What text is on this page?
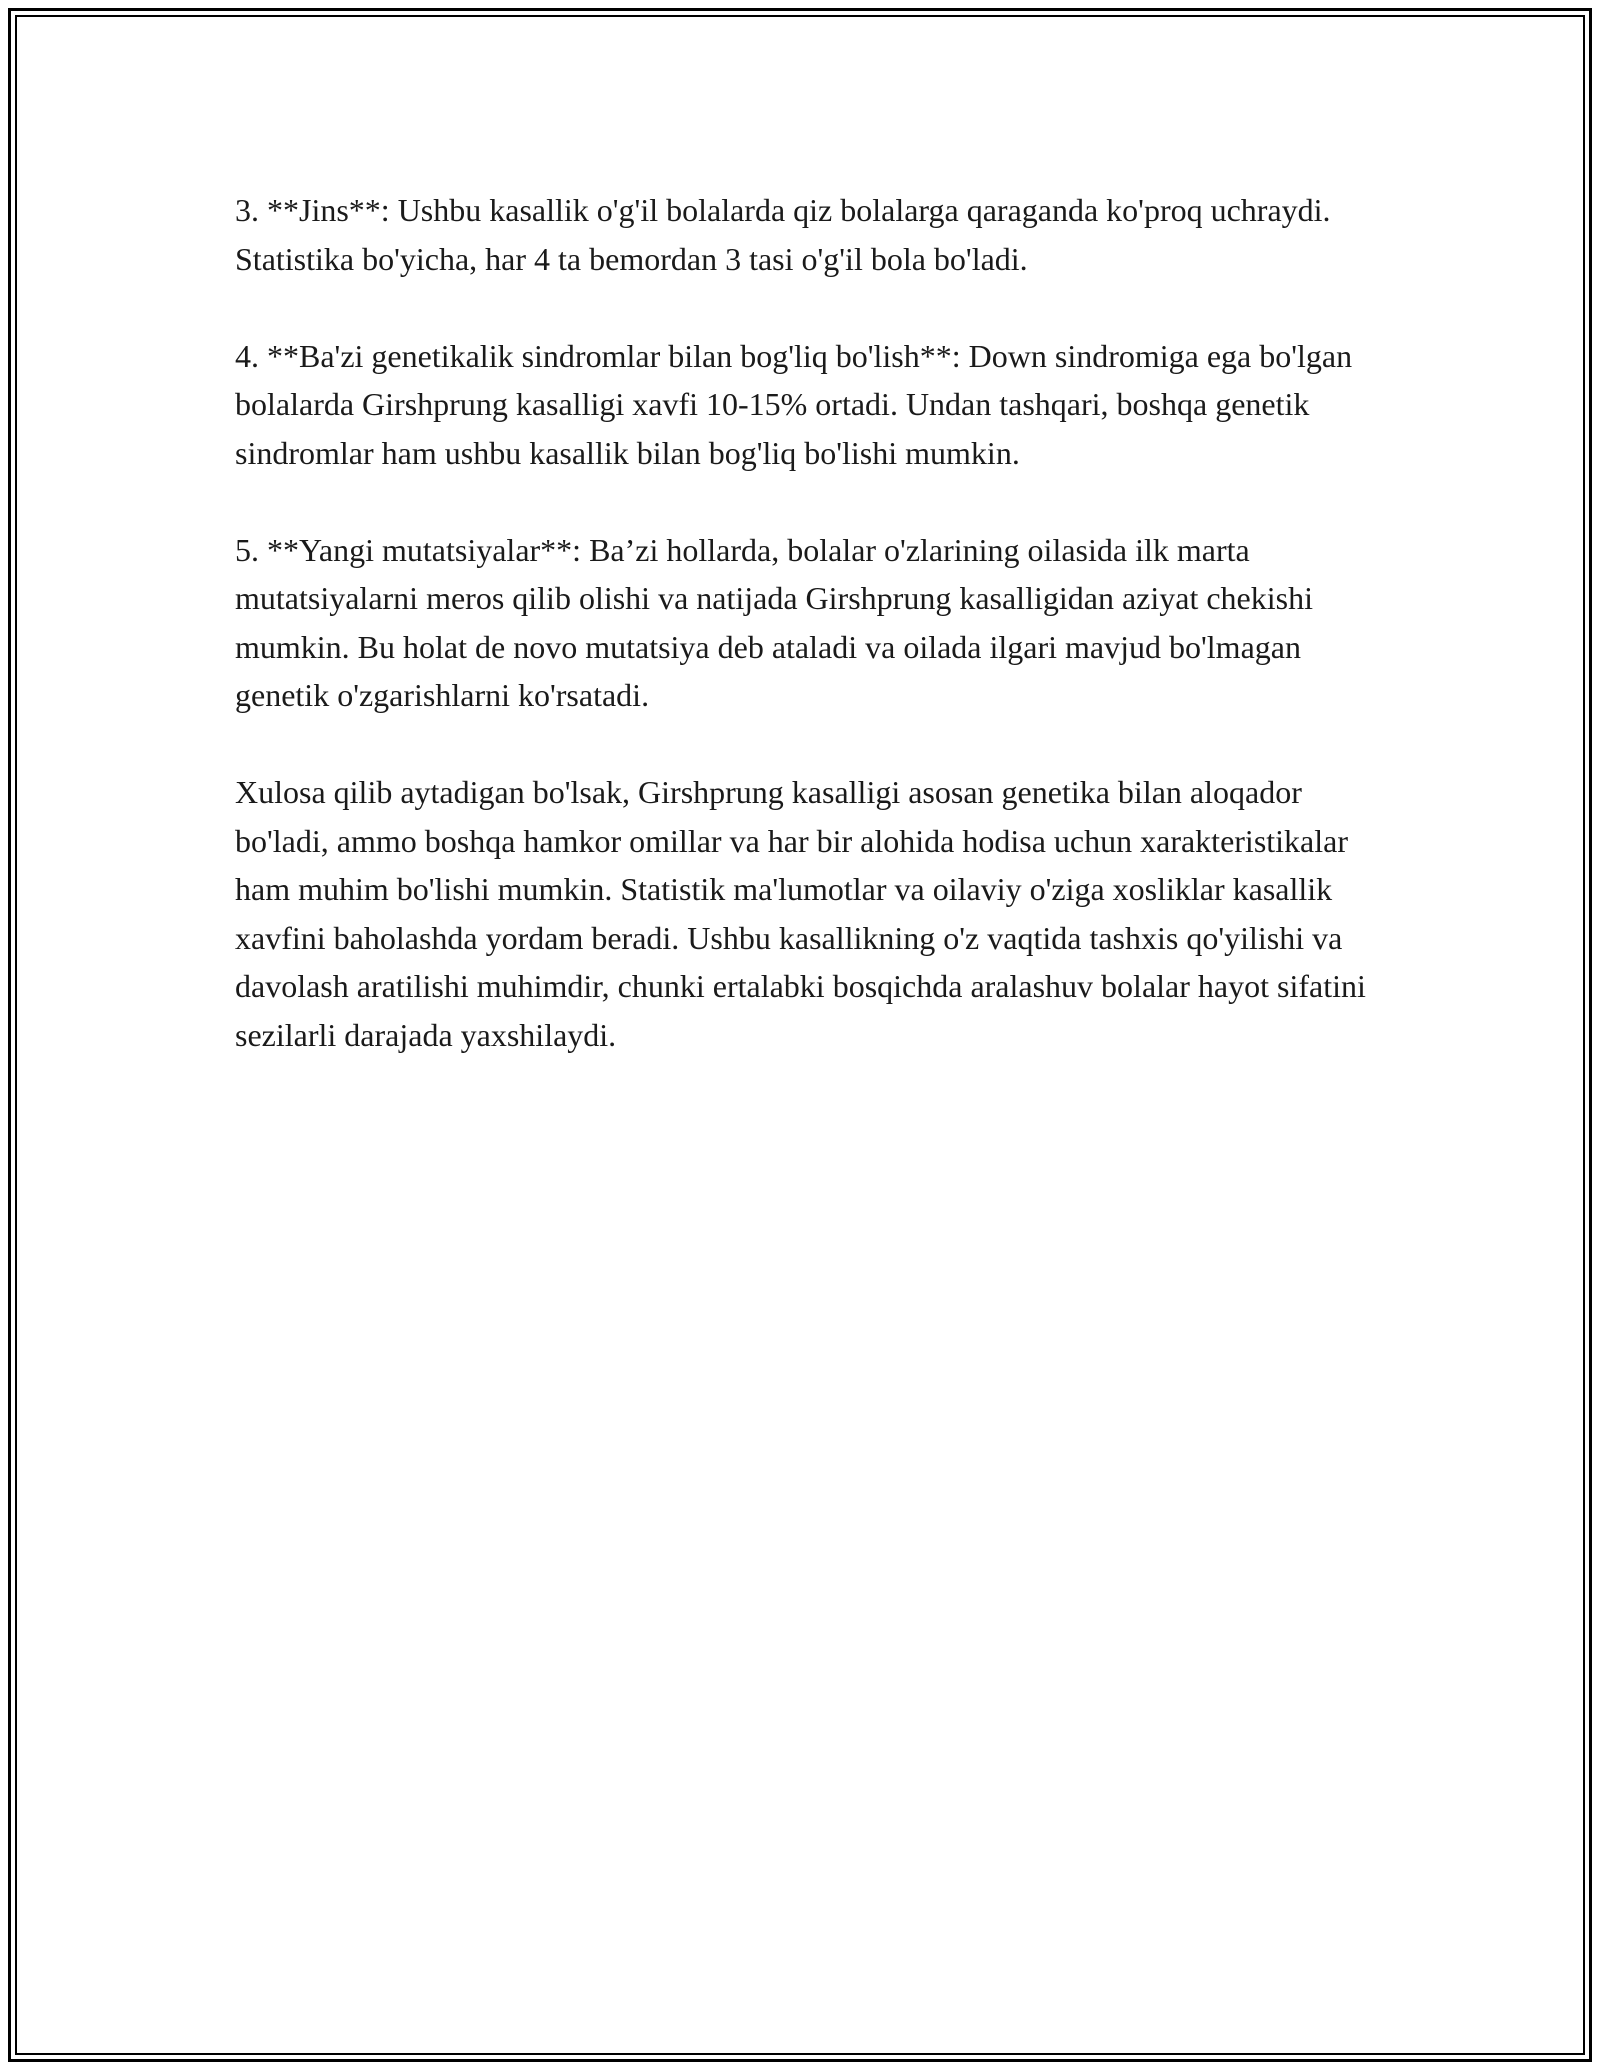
3. **Jins**: Ushbu kasallik o'g'il bolalarda qiz bolalarga qaraganda ko'proq uchraydi. Statistika bo'yicha, har 4 ta bemordan 3 tasi o'g'il bola bo'ladi.

4. **Ba'zi genetikalik sindromlar bilan bog'liq bo'lish**: Down sindromiga ega bo'lgan bolalarda Girshprung kasalligi xavfi 10-15% ortadi. Undan tashqari, boshqa genetik sindromlar ham ushbu kasallik bilan bog'liq bo'lishi mumkin.

5. **Yangi mutatsiyalar**: Ba’zi hollarda, bolalar o'zlarining oilasida ilk marta mutatsiyalarni meros qilib olishi va natijada Girshprung kasalligidan aziyat chekishi mumkin. Bu holat de novo mutatsiya deb ataladi va oilada ilgari mavjud bo'lmagan genetik o'zgarishlarni ko'rsatadi.

Xulosa qilib aytadigan bo'lsak, Girshprung kasalligi asosan genetika bilan aloqador bo'ladi, ammo boshqa hamkor omillar va har bir alohida hodisa uchun xarakteristikalar ham muhim bo'lishi mumkin. Statistik ma'lumotlar va oilaviy o'ziga xosliklar kasallik xavfini baholashda yordam beradi. Ushbu kasallikning o'z vaqtida tashxis qo'yilishi va davolash aratilishi muhimdir, chunki ertalabki bosqichda aralashuv bolalar hayot sifatini sezilarli darajada yaxshilaydi.
